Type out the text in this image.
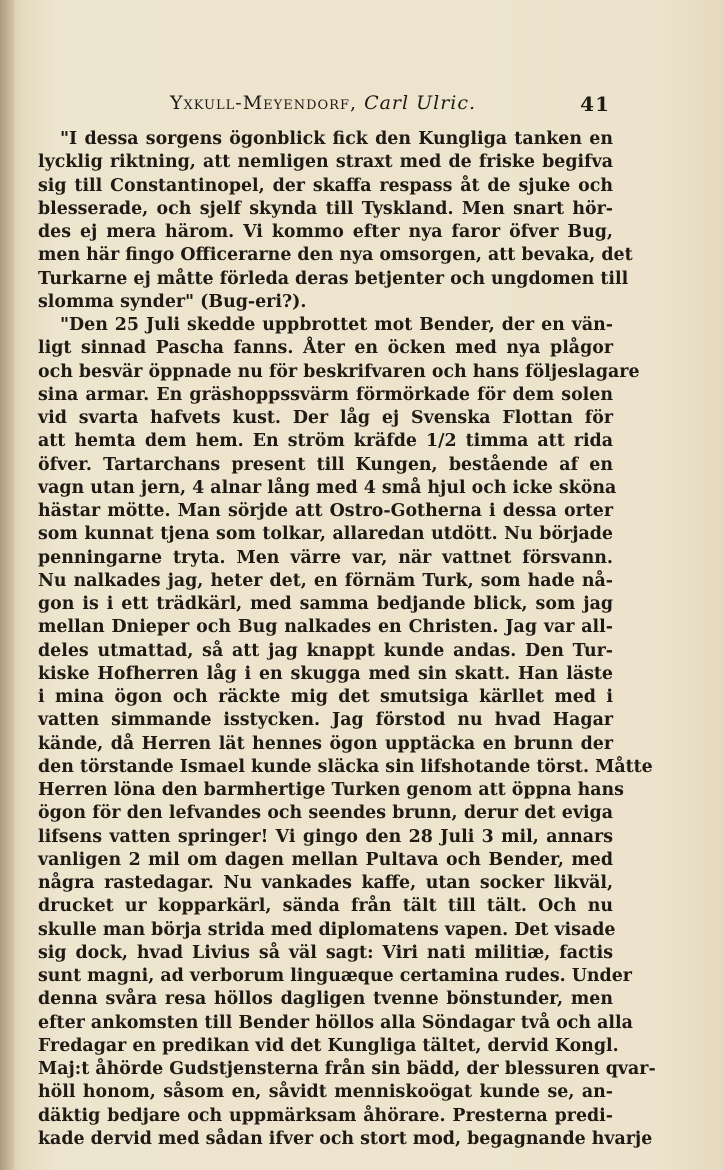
Yxkull-Meyendorf, Carl Ulric.	41
"I dessa sorgens ögonblick fick den Kungliga tanken en
lycklig riktning, att nemligen straxt med de friske begifva
sig till Constantinopel, der skaffa respass åt de sjuke och
blesserade, och sjelf skynda till Tyskland. Men snart hör-
des ej mera härom. Vi kommo efter nya faror öfver Bug,
men här fingo Officerarne den nya omsorgen, att bevaka, det
Turkarne ej måtte förleda deras betjenter och ungdomen till
slomma synder" (Bug-eri?).
"Den 25 Juli skedde uppbrottet mot Bender, der en vän-
ligt sinnad Pascha fanns. Åter en öcken med nya plågor
och besvär öppnade nu för beskrifvaren och hans följeslagare
sina armar. En gräshoppssvärm förmörkade för dem solen
vid svarta hafvets kust. Der låg ej Svenska Flottan för
att hemta dem hem. En ström kräfde 1/2 timma att rida
öfver. Tartarchans present till Kungen, bestående af en
vagn utan jern, 4 alnar lång med 4 små hjul och icke sköna
hästar mötte. Man sörjde att Ostro-Gotherna i dessa orter
som kunnat tjena som tolkar, allaredan utdött. Nu började
penningarne tryta. Men värre var, när vattnet försvann.
Nu nalkades jag, heter det, en förnäm Turk, som hade nå-
gon is i ett trädkärl, med samma bedjande blick, som jag
mellan Dnieper och Bug nalkades en Christen. Jag var all-
deles utmattad, så att jag knappt kunde andas. Den Tur-
kiske Hofherren låg i en skugga med sin skatt. Han läste
i mina ögon och räckte mig det smutsiga kärllet med i
vatten simmande isstycken. Jag förstod nu hvad Hagar
kände, då Herren lät hennes ögon upptäcka en brunn der
den törstande Ismael kunde släcka sin lifshotande törst. Måtte
Herren löna den barmhertige Turken genom att öppna hans
ögon för den lefvandes och seendes brunn, derur det eviga
lifsens vatten springer! Vi gingo den 28 Juli 3 mil, annars
vanligen 2 mil om dagen mellan Pultava och Bender, med
några rastedagar. Nu vankades kaffe, utan socker likväl,
drucket ur kopparkärl, sända från tält till tält. Och nu
skulle man börja strida med diplomatens vapen. Det visade
sig dock, hvad Livius så väl sagt: Viri nati militiæ, factis
sunt magni, ad verborum linguæque certamina rudes. Under
denna svåra resa höllos dagligen tvenne bönstunder, men
efter ankomsten till Bender höllos alla Söndagar två och alla
Fredagar en predikan vid det Kungliga tältet, dervid Kongl.
Maj:t åhörde Gudstjensterna från sin bädd, der blessuren qvar-
höll honom, såsom en, såvidt menniskoögat kunde se, an-
däktig bedjare och uppmärksam åhörare. Presterna predi-
kade dervid med sådan ifver och stort mod, begagnande hvarje
